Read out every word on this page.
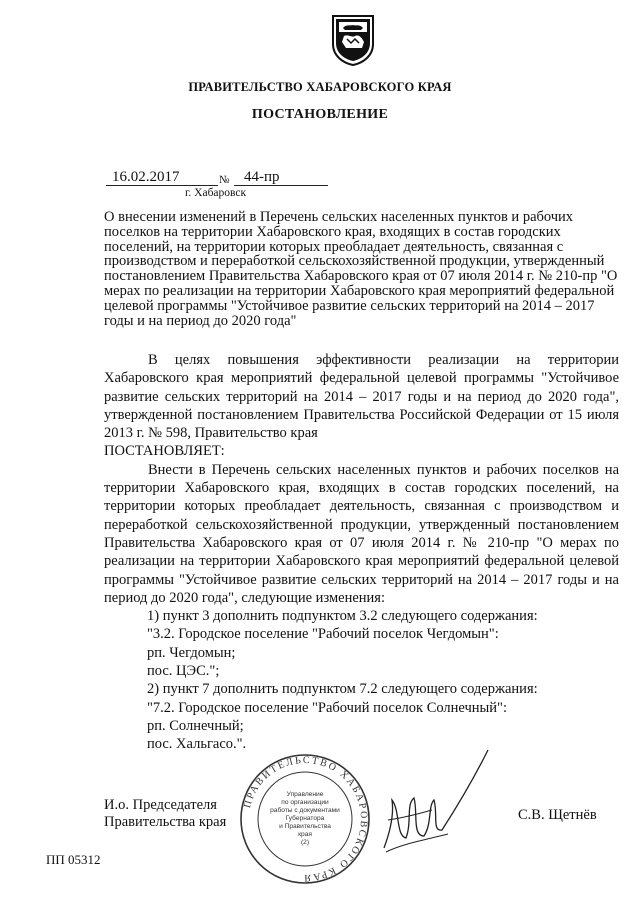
ПРАВИТЕЛЬСТВО ХАБАРОВСКОГО КРАЯ
ПОСТАНОВЛЕНИЕ
16.02.2017	№ 44-пр
г. Хабаровск
О внесении изменений в Перечень сельских населенных пунктов и рабочих поселков на территории Хабаровского края, входящих в состав городских поселений, на территории которых преобладает деятельность, связанная с производством и переработкой сельскохозяйственной продукции, утвержденный постановлением Правительства Хабаровского края от 07 июля 2014 г. № 210-пр "О мерах по реализации на территории Хабаровского края мероприятий федеральной целевой программы "Устойчивое развитие сельских территорий на 2014 – 2017 годы и на период до 2020 года"

В целях повышения эффективности реализации на территории Хабаровского края мероприятий федеральной целевой программы "Устойчивое развитие сельских территорий на 2014 – 2017 годы и на период до 2020 года", утвержденной постановлением Правительства Российской Федерации от 15 июля 2013 г. № 598, Правительство края

ПОСТАНОВЛЯЕТ:

Внести в Перечень сельских населенных пунктов и рабочих поселков на территории Хабаровского края, входящих в состав городских поселений, на территории которых преобладает деятельность, связанная с производством и переработкой сельскохозяйственной продукции, утвержденный постановлением Правительства Хабаровского края от 07 июля 2014 г. № 210-пр "О мерах по реализации на территории Хабаровского края мероприятий федеральной целевой программы "Устойчивое развитие сельских территорий на 2014 – 2017 годы и на период до 2020 года", следующие изменения:

1) пункт 3 дополнить подпунктом 3.2 следующего содержания:

"3.2. Городское поселение "Рабочий поселок Чегдомын":

рп. Чегдомын;

пос. ЦЭС.";

2) пункт 7 дополнить подпунктом 7.2 следующего содержания:

"7.2. Городское поселение "Рабочий поселок Солнечный":

рп. Солнечный;

пос. Хальгасо.".

ПРАВИТЕЛЬСТВО ХАБАРОВСКОГО КРАЯ
Управление
по организации
работы с документами
Губернатора
и Правительства
края
(2)
И.о. Председателя
Правительства края	С.В. Щетнёв
ПП 05312
